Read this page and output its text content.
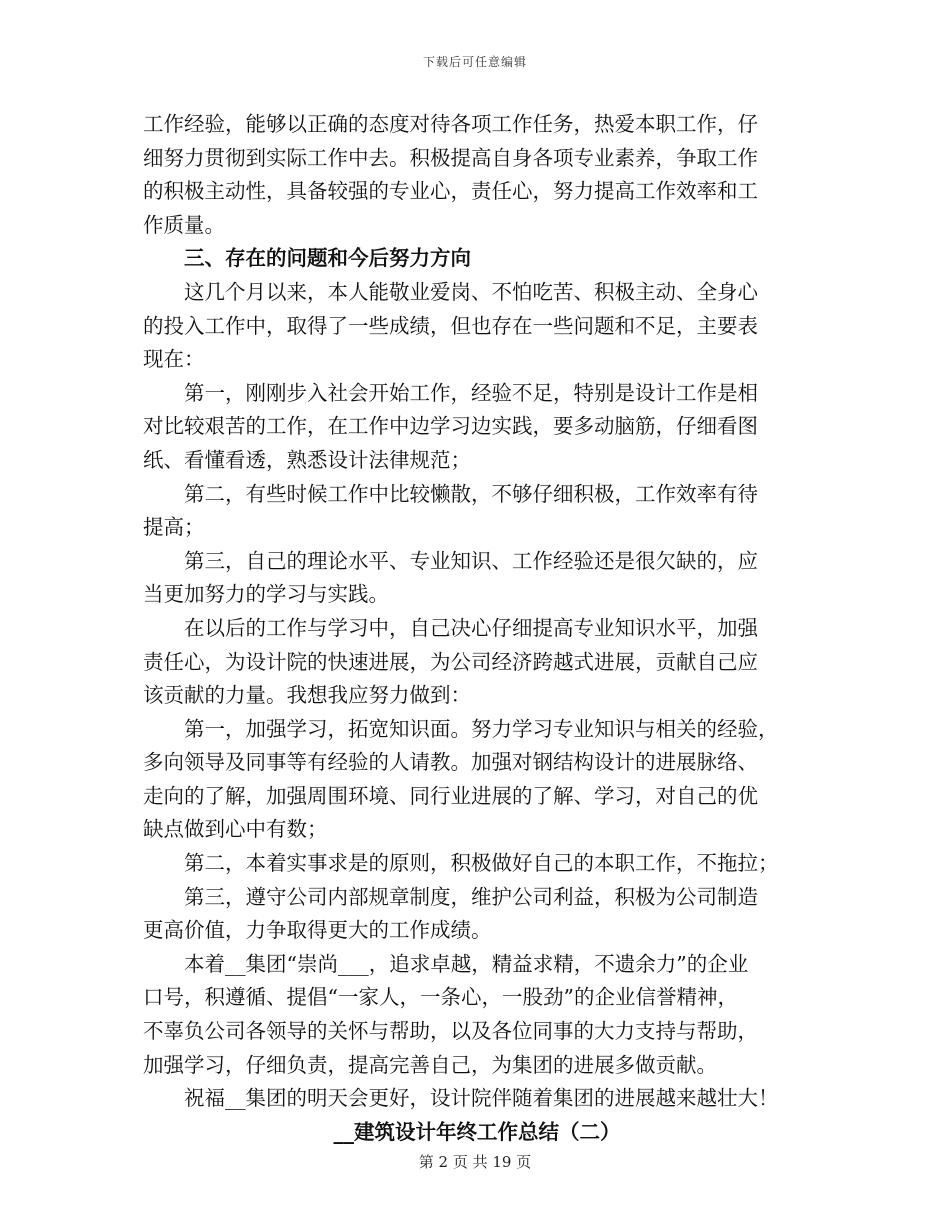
下载后可任意编辑
工作经验，能够以正确的态度对待各项工作任务，热爱本职工作，仔
细努力贯彻到实际工作中去。积极提高自身各项专业素养，争取工作
的积极主动性，具备较强的专业心，责任心，努力提高工作效率和工
作质量。
三、存在的问题和今后努力方向
这几个月以来，本人能敬业爱岗、不怕吃苦、积极主动、全身心
的投入工作中，取得了一些成绩，但也存在一些问题和不足，主要表
现在：
第一，刚刚步入社会开始工作，经验不足，特别是设计工作是相
对比较艰苦的工作，在工作中边学习边实践，要多动脑筋，仔细看图
纸、看懂看透，熟悉设计法律规范；
第二，有些时候工作中比较懒散，不够仔细积极，工作效率有待
提高；
第三，自己的理论水平、专业知识、工作经验还是很欠缺的，应
当更加努力的学习与实践。
在以后的工作与学习中，自己决心仔细提高专业知识水平，加强
责任心，为设计院的快速进展，为公司经济跨越式进展，贡献自己应
该贡献的力量。我想我应努力做到：
第一，加强学习，拓宽知识面。努力学习专业知识与相关的经验，
多向领导及同事等有经验的人请教。加强对钢结构设计的进展脉络、
走向的了解，加强周围环境、同行业进展的了解、学习，对自己的优
缺点做到心中有数；
第二，本着实事求是的原则，积极做好自己的本职工作，不拖拉；
第三，遵守公司内部规章制度，维护公司利益，积极为公司制造
更高价值，力争取得更大的工作成绩。
本着__集团“崇尚___，追求卓越，精益求精，不遗余力”的企业
口号，积遵循、提倡“一家人，一条心，一股劲”的企业信誉精神，
不辜负公司各领导的关怀与帮助，以及各位同事的大力支持与帮助，
加强学习，仔细负责，提高完善自己，为集团的进展多做贡献。
祝福__集团的明天会更好，设计院伴随着集团的进展越来越壮大！
__建筑设计年终工作总结（二）
第 2 页 共 19 页
